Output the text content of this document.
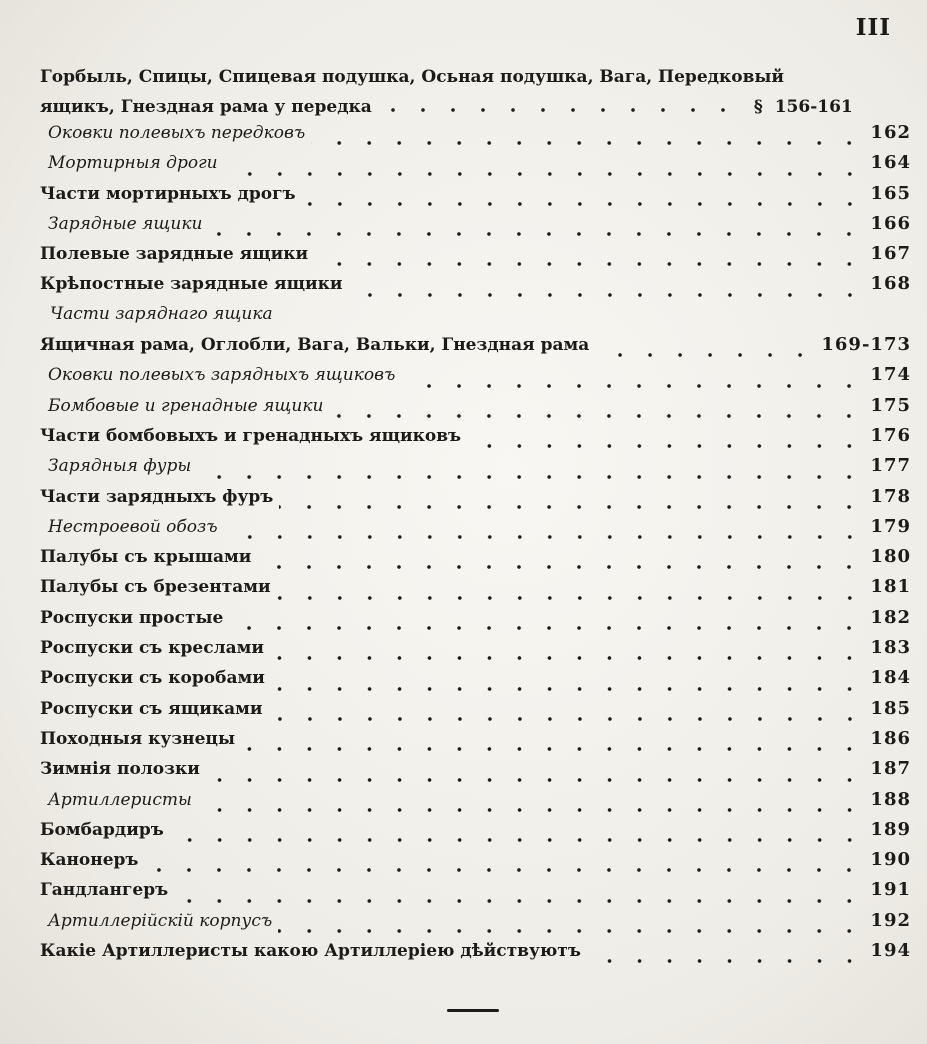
III
Горбыль, Спицы, Спицевая подушка, Осьная подушка, Вага, Передковый
ящикъ, Гнездная рама у передка	§ 156-161
Оковки полевыхъ передковъ	162
Мортирныя дроги	164
Части мортирныхъ дрогъ	165
Зарядные ящики	166
Полевые зарядные ящики	167
Крѣпостные зарядные ящики	168
Части заряднаго ящика
Ящичная рама, Оглобли, Вага, Вальки, Гнездная рама	169-173
Оковки полевыхъ зарядныхъ ящиковъ	174
Бомбовые и гренадные ящики	175
Части бомбовыхъ и гренадныхъ ящиковъ	176
Зарядныя фуры	177
Части зарядныхъ фуръ	178
Нестроевой обозъ	179
Палубы съ крышами	180
Палубы съ брезентами	181
Роспуски простые	182
Роспуски съ креслами	183
Роспуски съ коробами	184
Роспуски съ ящиками	185
Походныя кузнецы	186
Зимнія полозки	187
Артиллеристы	188
Бомбардиръ	189
Канонеръ	190
Гандлангеръ	191
Артиллерійскій корпусъ	192
Какіе Артиллеристы какою Артиллеріею дѣйствуютъ	194
